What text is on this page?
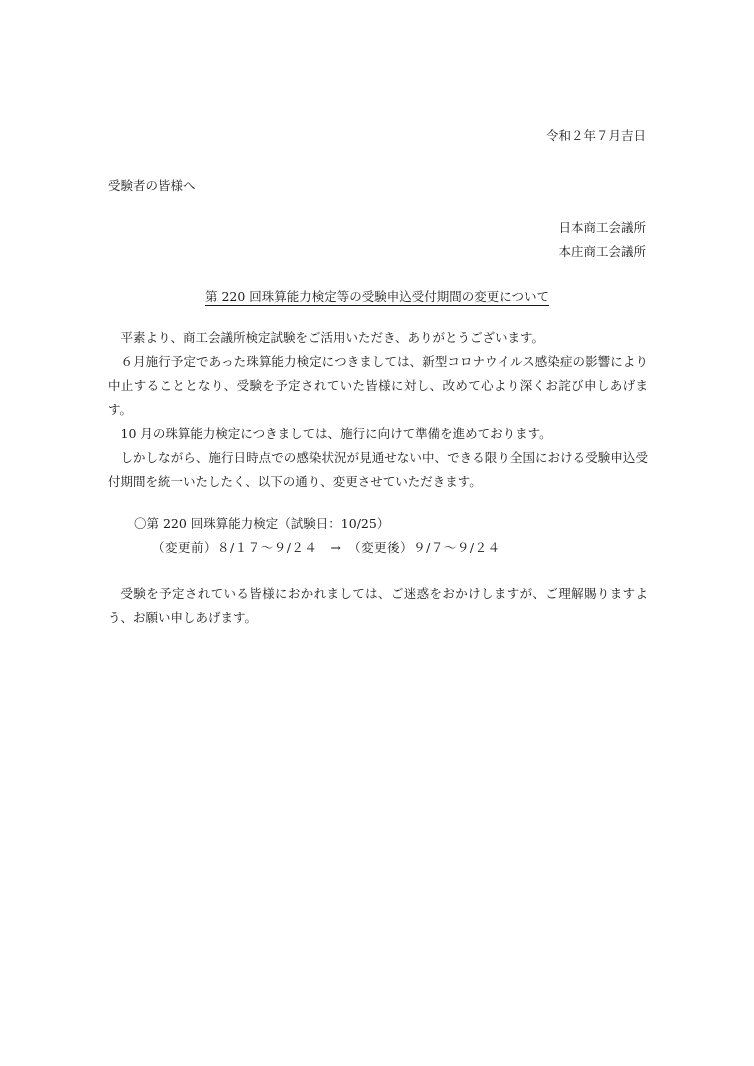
令和２年７月吉日
受験者の皆様へ
日本商工会議所
本庄商工会議所
第 220 回珠算能力検定等の受験申込受付期間の変更について
平素より、商工会議所検定試験をご活用いただき、ありがとうございます。
６月施行予定であった珠算能力検定につきましては、新型コロナウイルス感染症の影響により中止することとなり、受験を予定されていた皆様に対し、改めて心より深くお詫び申しあげます。
10 月の珠算能力検定につきましては、施行に向けて準備を進めております。
しかしながら、施行日時点での感染状況が見通せない中、できる限り全国における受験申込受付期間を統一いたしたく、以下の通り、変更させていただきます。
〇第 220 回珠算能力検定（試験日：10/25）
（変更前）８/１７～９/２４　→　（変更後）９/７～９/２４
受験を予定されている皆様におかれましては、ご迷惑をおかけしますが、ご理解賜りますよう、お願い申しあげます。
